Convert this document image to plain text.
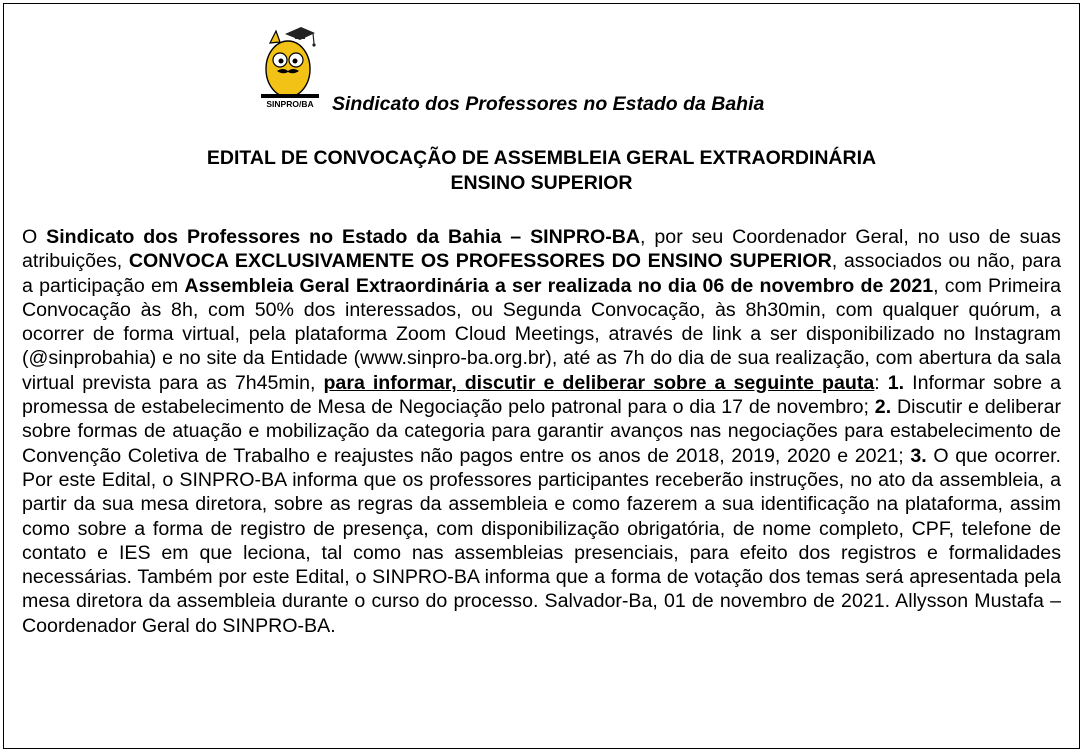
SINPRO/BA Sindicato dos Professores no Estado da Bahia
EDITAL DE CONVOCAÇÃO DE ASSEMBLEIA GERAL EXTRAORDINÁRIA
ENSINO SUPERIOR

O Sindicato dos Professores no Estado da Bahia – SINPRO-BA, por seu Coordenador Geral, no uso de suas atribuições, CONVOCA EXCLUSIVAMENTE OS PROFESSORES DO ENSINO SUPERIOR, associados ou não, para a participação em Assembleia Geral Extraordinária a ser realizada no dia 06 de novembro de 2021, com Primeira Convocação às 8h, com 50% dos interessados, ou Segunda Convocação, às 8h30min, com qualquer quórum, a ocorrer de forma virtual, pela plataforma Zoom Cloud Meetings, através de link a ser disponibilizado no Instagram (@sinprobahia) e no site da Entidade (www.sinpro-ba.org.br), até as 7h do dia de sua realização, com abertura da sala virtual prevista para as 7h45min, para informar, discutir e deliberar sobre a seguinte pauta: 1. Informar sobre a promessa de estabelecimento de Mesa de Negociação pelo patronal para o dia 17 de novembro; 2. Discutir e deliberar sobre formas de atuação e mobilização da categoria para garantir avanços nas negociações para estabelecimento de Convenção Coletiva de Trabalho e reajustes não pagos entre os anos de 2018, 2019, 2020 e 2021; 3. O que ocorrer. Por este Edital, o SINPRO-BA informa que os professores participantes receberão instruções, no ato da assembleia, a partir da sua mesa diretora, sobre as regras da assembleia e como fazerem a sua identificação na plataforma, assim como sobre a forma de registro de presença, com disponibilização obrigatória, de nome completo, CPF, telefone de contato e IES em que leciona, tal como nas assembleias presenciais, para efeito dos registros e formalidades necessárias. Também por este Edital, o SINPRO-BA informa que a forma de votação dos temas será apresentada pela mesa diretora da assembleia durante o curso do processo. Salvador-Ba, 01 de novembro de 2021. Allysson Mustafa – Coordenador Geral do SINPRO-BA.
